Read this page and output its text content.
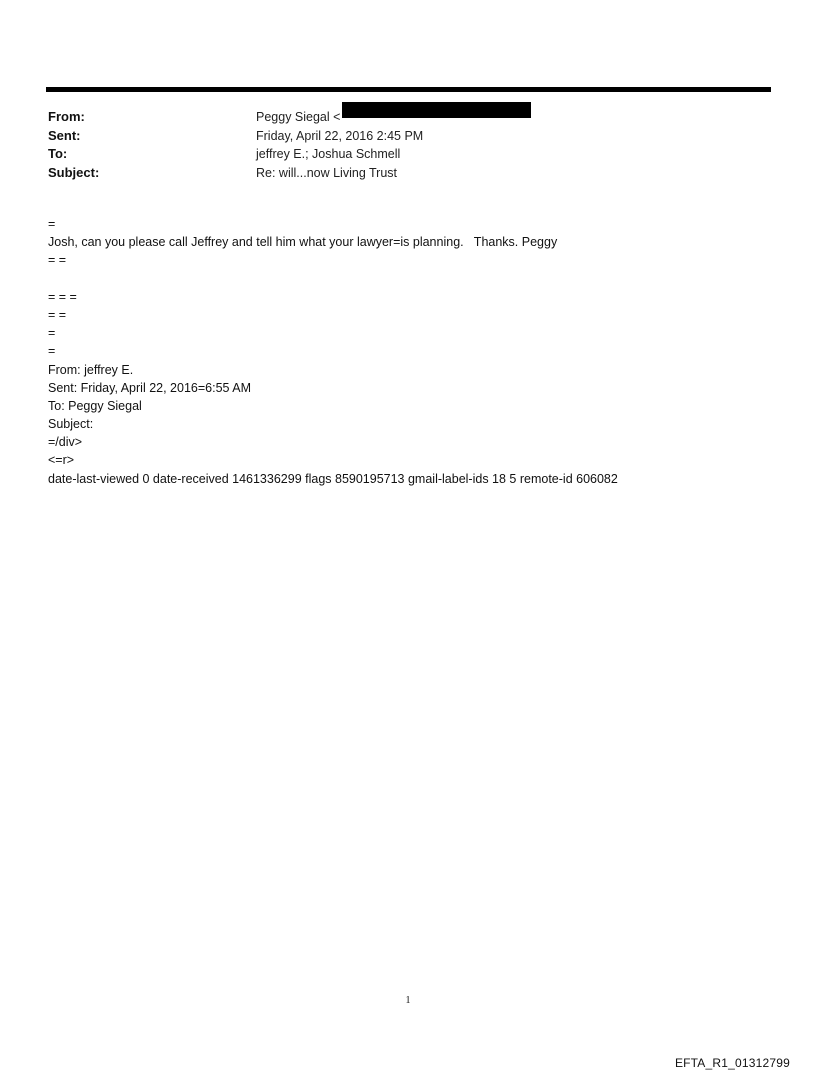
From:	Peggy Siegal <
Sent:	Friday, April 22, 2016 2:45 PM
To:	jeffrey E.; Joshua Schmell
Subject:	Re: will...now Living Trust
=
Josh, can you please call Jeffrey and tell him what your lawyer=is planning.   Thanks. Peggy
= =
= = =
= =
=
=
From: jeffrey E.
Sent: Friday, April 22, 2016=6:55 AM
To: Peggy Siegal
Subject:
=/div>
<=r>
date-last-viewed 0 date-received 1461336299 flags 8590195713 gmail-label-ids 18 5 remote-id 606082
1
EFTA_R1_01312799
